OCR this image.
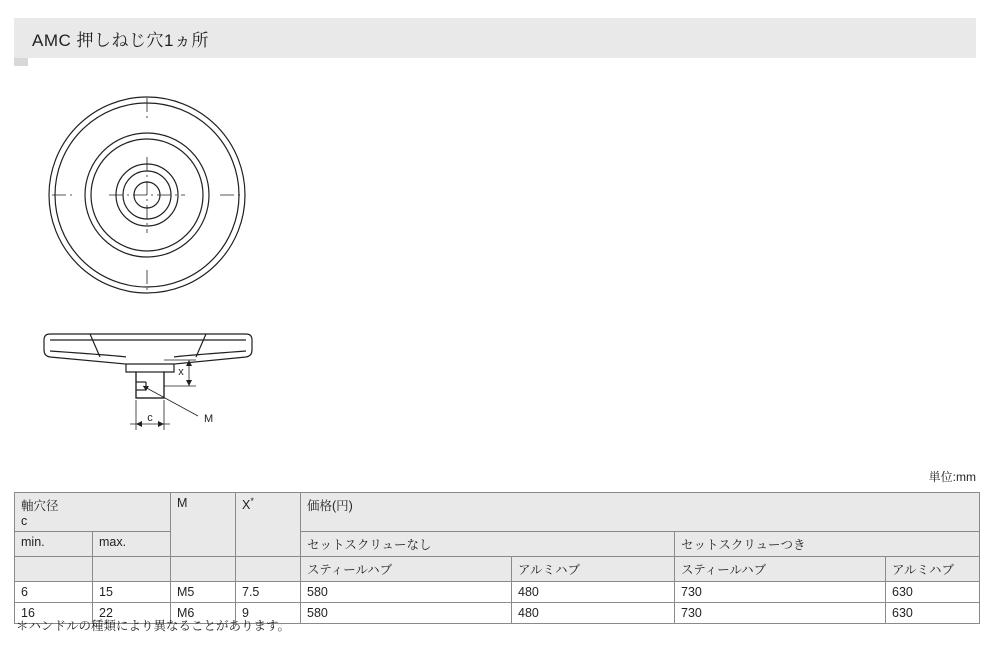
AMC 押しねじ穴1ヵ所
x
c	M
単位:mm
軸穴径
c		M	X*	価格(円)			

min.	max.			セットスクリューなし		セットスクリューつき	
				スティールハブ	アルミハブ	スティールハブ	アルミハブ
6	15	M5	7.5	580	480	730	630
16	22	M6	9	580	480	730	630
＊ハンドルの種類により異なることがあります。
